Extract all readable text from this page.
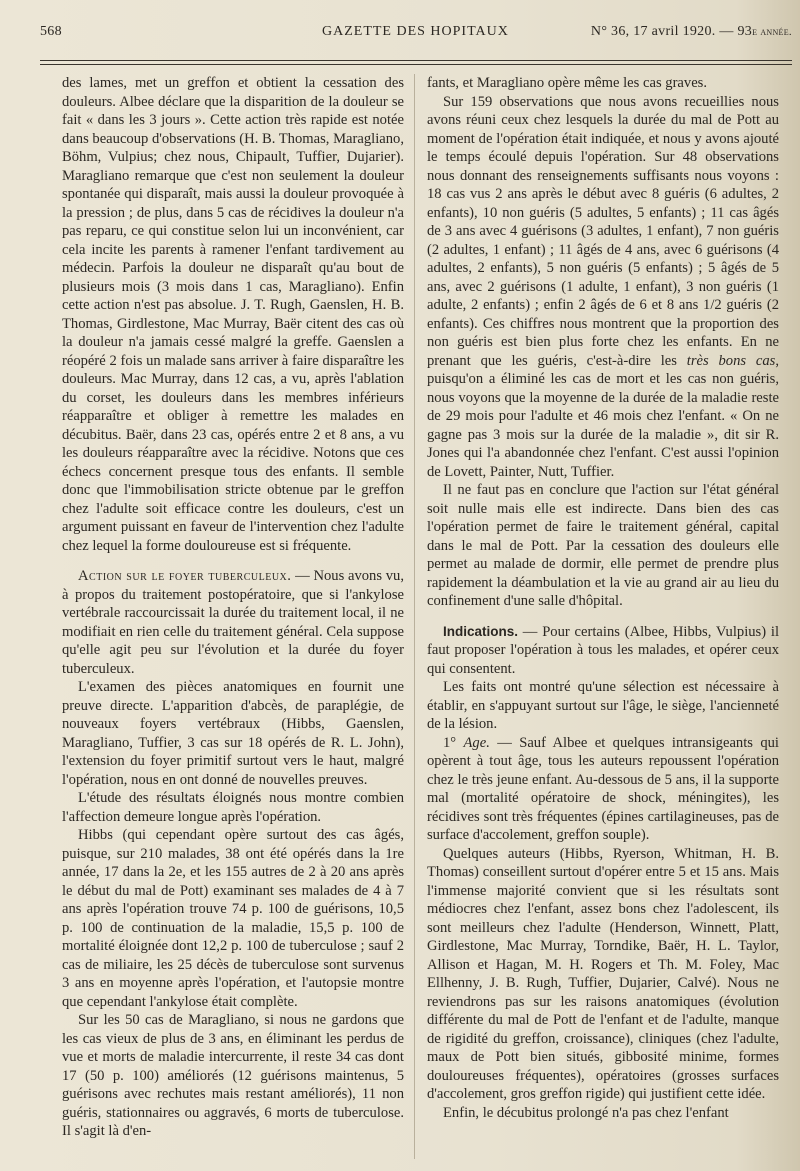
568	GAZETTE DES HOPITAUX	N° 36, 17 avril 1920. — 93e année.

des lames, met un greffon et obtient la cessation des douleurs. Albee déclare que la disparition de la douleur se fait « dans les 3 jours ». Cette action très rapide est notée dans beaucoup d'observations (H. B. Thomas, Maragliano, Böhm, Vulpius; chez nous, Chipault, Tuffier, Dujarier). Maragliano remarque que c'est non seulement la douleur spontanée qui disparaît, mais aussi la douleur provoquée à la pression ; de plus, dans 5 cas de récidives la douleur n'a pas reparu, ce qui constitue selon lui un inconvénient, car cela incite les parents à ramener l'enfant tardivement au médecin. Parfois la douleur ne disparaît qu'au bout de plusieurs mois (3 mois dans 1 cas, Maragliano). Enfin cette action n'est pas absolue. J. T. Rugh, Gaenslen, H. B. Thomas, Girdlestone, Mac Murray, Baër citent des cas où la douleur n'a jamais cessé malgré la greffe. Gaenslen a réopéré 2 fois un malade sans arriver à faire disparaître les douleurs. Mac Murray, dans 12 cas, a vu, après l'ablation du corset, les douleurs dans les membres inférieurs réapparaître et obliger à remettre les malades en décubitus. Baër, dans 23 cas, opérés entre 2 et 8 ans, a vu les douleurs réapparaître avec la récidive. Notons que ces échecs concernent presque tous des enfants. Il semble donc que l'immobilisation stricte obtenue par le greffon chez l'adulte soit efficace contre les douleurs, c'est un argument puissant en faveur de l'intervention chez l'adulte chez lequel la forme douloureuse est si fréquente.

Action sur le foyer tuberculeux. — Nous avons vu, à propos du traitement postopératoire, que si l'ankylose vertébrale raccourcissait la durée du traitement local, il ne modifiait en rien celle du traitement général. Cela suppose qu'elle agit peu sur l'évolution et la durée du foyer tuberculeux.

L'examen des pièces anatomiques en fournit une preuve directe. L'apparition d'abcès, de paraplégie, de nouveaux foyers vertébraux (Hibbs, Gaenslen, Maragliano, Tuffier, 3 cas sur 18 opérés de R. L. John), l'extension du foyer primitif surtout vers le haut, malgré l'opération, nous en ont donné de nouvelles preuves.

L'étude des résultats éloignés nous montre combien l'affection demeure longue après l'opération.

Hibbs (qui cependant opère surtout des cas âgés, puisque, sur 210 malades, 38 ont été opérés dans la 1re année, 17 dans la 2e, et les 155 autres de 2 à 20 ans après le début du mal de Pott) examinant ses malades de 4 à 7 ans après l'opération trouve 74 p. 100 de guérisons, 10,5 p. 100 de continuation de la maladie, 15,5 p. 100 de mortalité éloignée dont 12,2 p. 100 de tuberculose ; sauf 2 cas de miliaire, les 25 décès de tuberculose sont survenus 3 ans en moyenne après l'opération, et l'autopsie montre que cependant l'ankylose était complète.

Sur les 50 cas de Maragliano, si nous ne gardons que les cas vieux de plus de 3 ans, en éliminant les perdus de vue et morts de maladie intercurrente, il reste 34 cas dont 17 (50 p. 100) améliorés (12 guérisons maintenus, 5 guérisons avec rechutes mais restant améliorés), 11 non guéris, stationnaires ou aggravés, 6 morts de tuberculose. Il s'agit là d'en-

fants, et Maragliano opère même les cas graves.

Sur 159 observations que nous avons recueillies nous avons réuni ceux chez lesquels la durée du mal de Pott au moment de l'opération était indiquée, et nous y avons ajouté le temps écoulé depuis l'opération. Sur 48 observations nous donnant des renseignements suffisants nous voyons : 18 cas vus 2 ans après le début avec 8 guéris (6 adultes, 2 enfants), 10 non guéris (5 adultes, 5 enfants) ; 11 cas âgés de 3 ans avec 4 guérisons (3 adultes, 1 enfant), 7 non guéris (2 adultes, 1 enfant) ; 11 âgés de 4 ans, avec 6 guérisons (4 adultes, 2 enfants), 5 non guéris (5 enfants) ; 5 âgés de 5 ans, avec 2 guérisons (1 adulte, 1 enfant), 3 non guéris (1 adulte, 2 enfants) ; enfin 2 âgés de 6 et 8 ans 1/2 guéris (2 enfants). Ces chiffres nous montrent que la proportion des non guéris est bien plus forte chez les enfants. En ne prenant que les guéris, c'est-à-dire les très bons cas, puisqu'on a éliminé les cas de mort et les cas non guéris, nous voyons que la moyenne de la durée de la maladie reste de 29 mois pour l'adulte et 46 mois chez l'enfant. « On ne gagne pas 3 mois sur la durée de la maladie », dit sir R. Jones qui l'a abandonnée chez l'enfant. C'est aussi l'opinion de Lovett, Painter, Nutt, Tuffier.

Il ne faut pas en conclure que l'action sur l'état général soit nulle mais elle est indirecte. Dans bien des cas l'opération permet de faire le traitement général, capital dans le mal de Pott. Par la cessation des douleurs elle permet au malade de dormir, elle permet de prendre plus rapidement la déambulation et la vie au grand air au lieu du confinement d'une salle d'hôpital.

Indications. — Pour certains (Albee, Hibbs, Vulpius) il faut proposer l'opération à tous les malades, et opérer ceux qui consentent.

Les faits ont montré qu'une sélection est nécessaire à établir, en s'appuyant surtout sur l'âge, le siège, l'ancienneté de la lésion.

1° Age. — Sauf Albee et quelques intransigeants qui opèrent à tout âge, tous les auteurs repoussent l'opération chez le très jeune enfant. Au-dessous de 5 ans, il la supporte mal (mortalité opératoire de shock, méningites), les récidives sont très fréquentes (épines cartilagineuses, pas de surface d'accolement, greffon souple).

Quelques auteurs (Hibbs, Ryerson, Whitman, H. B. Thomas) conseillent surtout d'opérer entre 5 et 15 ans. Mais l'immense majorité convient que si les résultats sont médiocres chez l'enfant, assez bons chez l'adolescent, ils sont meilleurs chez l'adulte (Henderson, Winnett, Platt, Girdlestone, Mac Murray, Torndike, Baër, H. L. Taylor, Allison et Hagan, M. H. Rogers et Th. M. Foley, Mac Ellhenny, J. B. Rugh, Tuffier, Dujarier, Calvé). Nous ne reviendrons pas sur les raisons anatomiques (évolution différente du mal de Pott de l'enfant et de l'adulte, manque de rigidité du greffon, croissance), cliniques (chez l'adulte, maux de Pott bien situés, gibbosité minime, formes douloureuses fréquentes), opératoires (grosses surfaces d'accolement, gros greffon rigide) qui justifient cette idée.

Enfin, le décubitus prolongé n'a pas chez l'enfant
